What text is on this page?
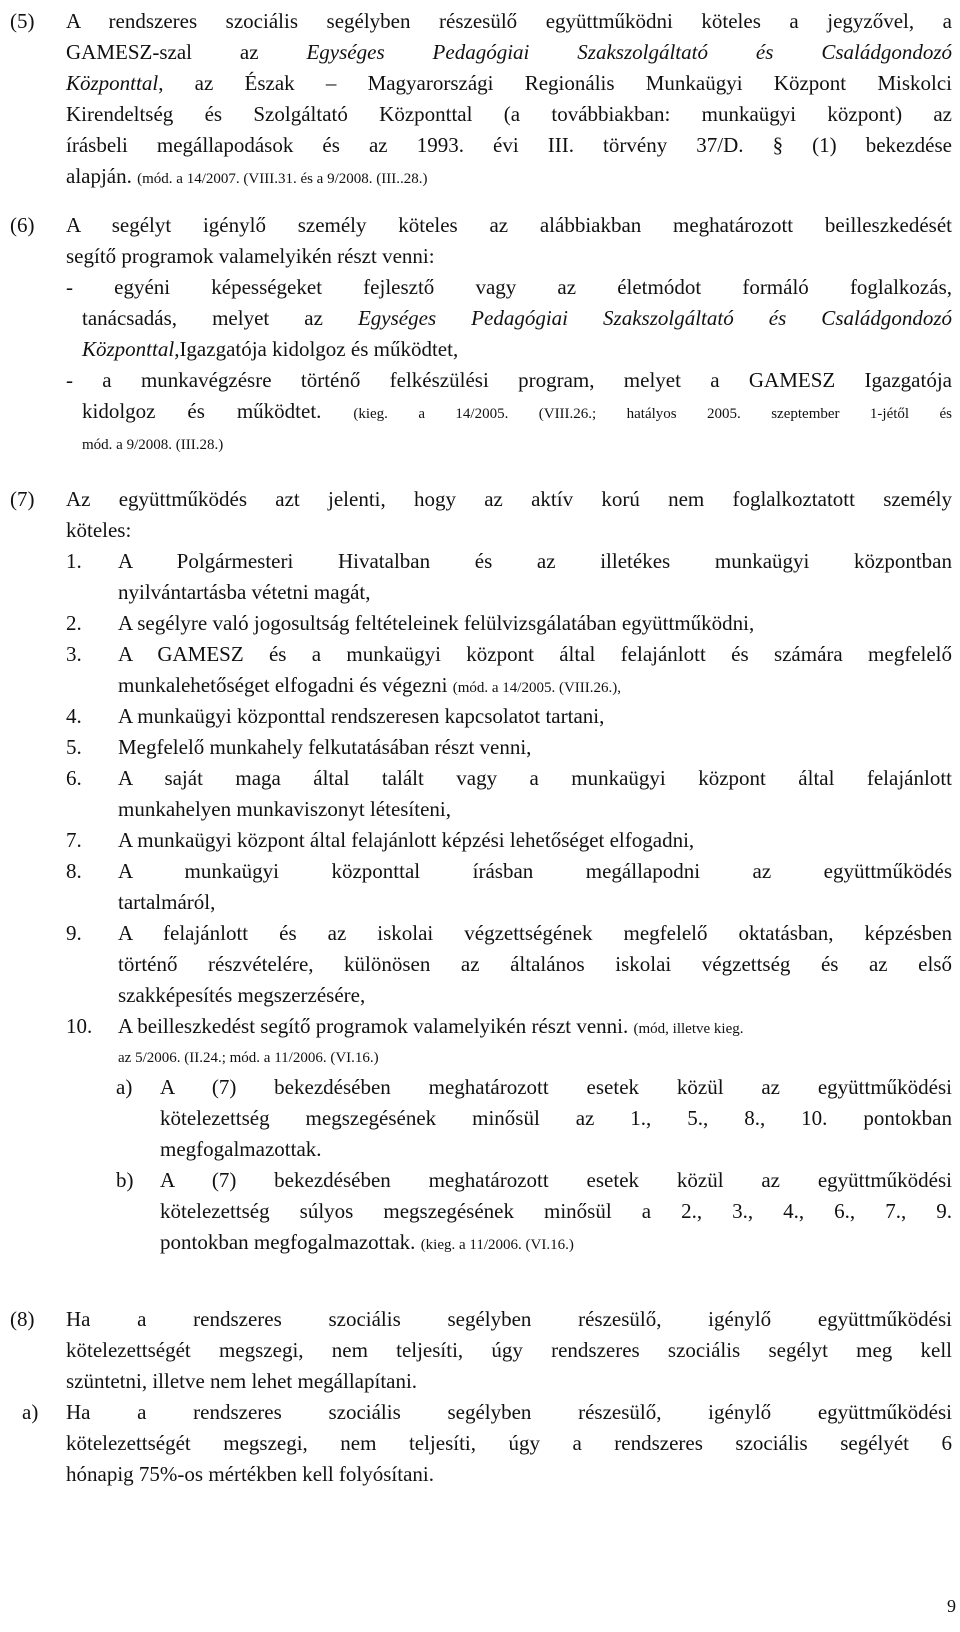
(5) A rendszeres szociális segélyben részesülő együttműködni köteles a jegyzővel, a
GAMESZ-szal az Egységes Pedagógiai Szakszolgáltató és Családgondozó
Központtal, az Észak – Magyarországi Regionális Munkaügyi Központ Miskolci
Kirendeltség és Szolgáltató Központtal (a továbbiakban: munkaügyi központ) az
írásbeli megállapodások és az 1993. évi III. törvény 37/D. § (1) bekezdése
alapján. (mód. a 14/2007. (VIII.31. és a 9/2008. (III..28.)
(6) A segélyt igénylő személy köteles az alábbiakban meghatározott beilleszkedését
segítő programok valamelyikén részt venni:
- egyéni képességeket fejlesztő vagy az életmódot formáló foglalkozás,
tanácsadás, melyet az Egységes Pedagógiai Szakszolgáltató és Családgondozó
Központtal,Igazgatója kidolgoz és működtet,
- a munkavégzésre történő felkészülési program, melyet a GAMESZ Igazgatója
kidolgoz és működtet. (kieg. a 14/2005. (VIII.26.; hatályos 2005. szeptember 1-jétől és
mód. a 9/2008. (III.28.)
(7) Az együttműködés azt jelenti, hogy az aktív korú nem foglalkoztatott személy
köteles:
1. A Polgármesteri Hivatalban és az illetékes munkaügyi központban
nyilvántartásba vétetni magát,
2. A segélyre való jogosultság feltételeinek felülvizsgálatában együttműködni,
3. A GAMESZ és a munkaügyi központ által felajánlott és számára megfelelő
munkalehetőséget elfogadni és végezni (mód. a 14/2005. (VIII.26.),
4. A munkaügyi központtal rendszeresen kapcsolatot tartani,
5. Megfelelő munkahely felkutatásában részt venni,
6. A saját maga által talált vagy a munkaügyi központ által felajánlott
munkahelyen munkaviszonyt létesíteni,
7. A munkaügyi központ által felajánlott képzési lehetőséget elfogadni,
8. A munkaügyi központtal írásban megállapodni az együttműködés
tartalmáról,
9. A felajánlott és az iskolai végzettségének megfelelő oktatásban, képzésben
történő részvételére, különösen az általános iskolai végzettség és az első
szakképesítés megszerzésére,
10. A beilleszkedést segítő programok valamelyikén részt venni. (mód, illetve kieg.
az 5/2006. (II.24.; mód. a 11/2006. (VI.16.)
a) A (7) bekezdésében meghatározott esetek közül az együttműködési
kötelezettség megszegésének minősül az 1., 5., 8., 10. pontokban
megfogalmazottak.
b) A (7) bekezdésében meghatározott esetek közül az együttműködési
kötelezettség súlyos megszegésének minősül a 2., 3., 4., 6., 7., 9.
pontokban megfogalmazottak. (kieg. a 11/2006. (VI.16.)
(8) Ha a rendszeres szociális segélyben részesülő, igénylő együttműködési
kötelezettségét megszegi, nem teljesíti, úgy rendszeres szociális segélyt meg kell
szüntetni, illetve nem lehet megállapítani.
a) Ha a rendszeres szociális segélyben részesülő, igénylő együttműködési
kötelezettségét megszegi, nem teljesíti, úgy a rendszeres szociális segélyét 6
hónapig 75%-os mértékben kell folyósítani.
9
